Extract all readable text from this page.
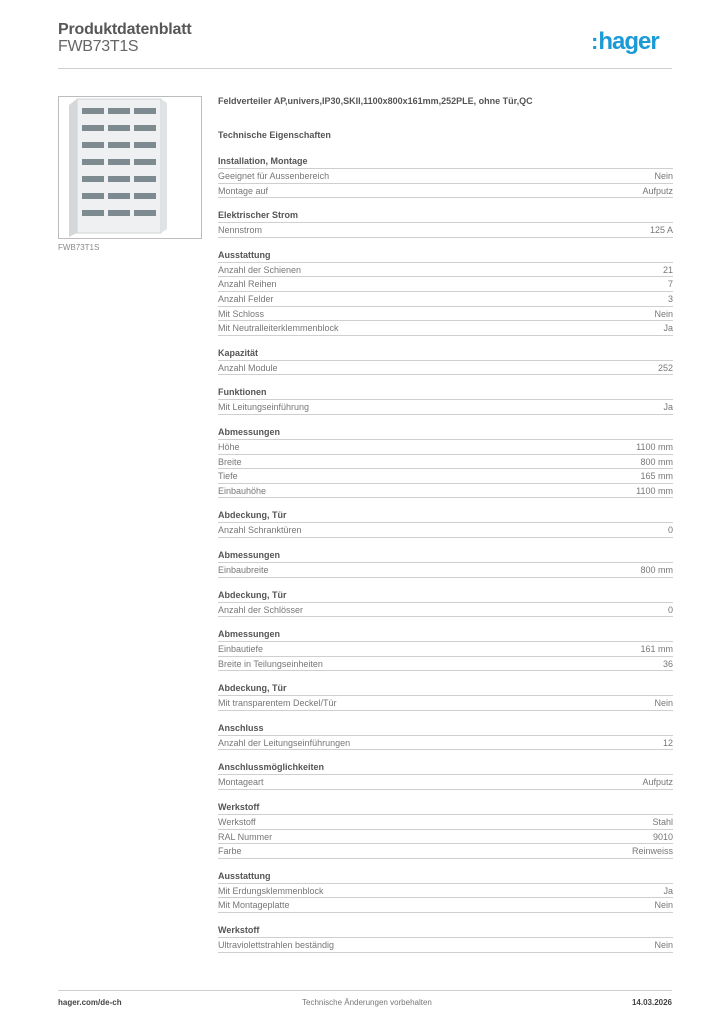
Produktdatenblatt
FWB73T1S	:hager
FWB73T1S
Feldverteiler AP,univers,IP30,SKII,1100x800x161mm,252PLE, ohne Tür,QC
Technische Eigenschaften
Installation, Montage
Geeignet für Aussenbereich	Nein
Montage auf	Aufputz
Elektrischer Strom
Nennstrom	125 A
Ausstattung
Anzahl der Schienen	21
Anzahl Reihen	7
Anzahl Felder	3
Mit Schloss	Nein
Mit Neutralleiterklemmenblock	Ja
Kapazität
Anzahl Module	252
Funktionen
Mit Leitungseinführung	Ja
Abmessungen
Höhe	1100 mm
Breite	800 mm
Tiefe	165 mm
Einbauhöhe	1100 mm
Abdeckung, Tür
Anzahl Schranktüren	0
Abmessungen
Einbaubreite	800 mm
Abdeckung, Tür
Anzahl der Schlösser	0
Abmessungen
Einbautiefe	161 mm
Breite in Teilungseinheiten	36
Abdeckung, Tür
Mit transparentem Deckel/Tür	Nein
Anschluss
Anzahl der Leitungseinführungen	12
Anschlussmöglichkeiten
Montageart	Aufputz
Werkstoff
Werkstoff	Stahl
RAL Nummer	9010
Farbe	Reinweiss
Ausstattung
Mit Erdungsklemmenblock	Ja
Mit Montageplatte	Nein
Werkstoff
Ultraviolettstrahlen beständig	Nein
hager.com/de-ch	Technische Änderungen vorbehalten	14.03.2026
